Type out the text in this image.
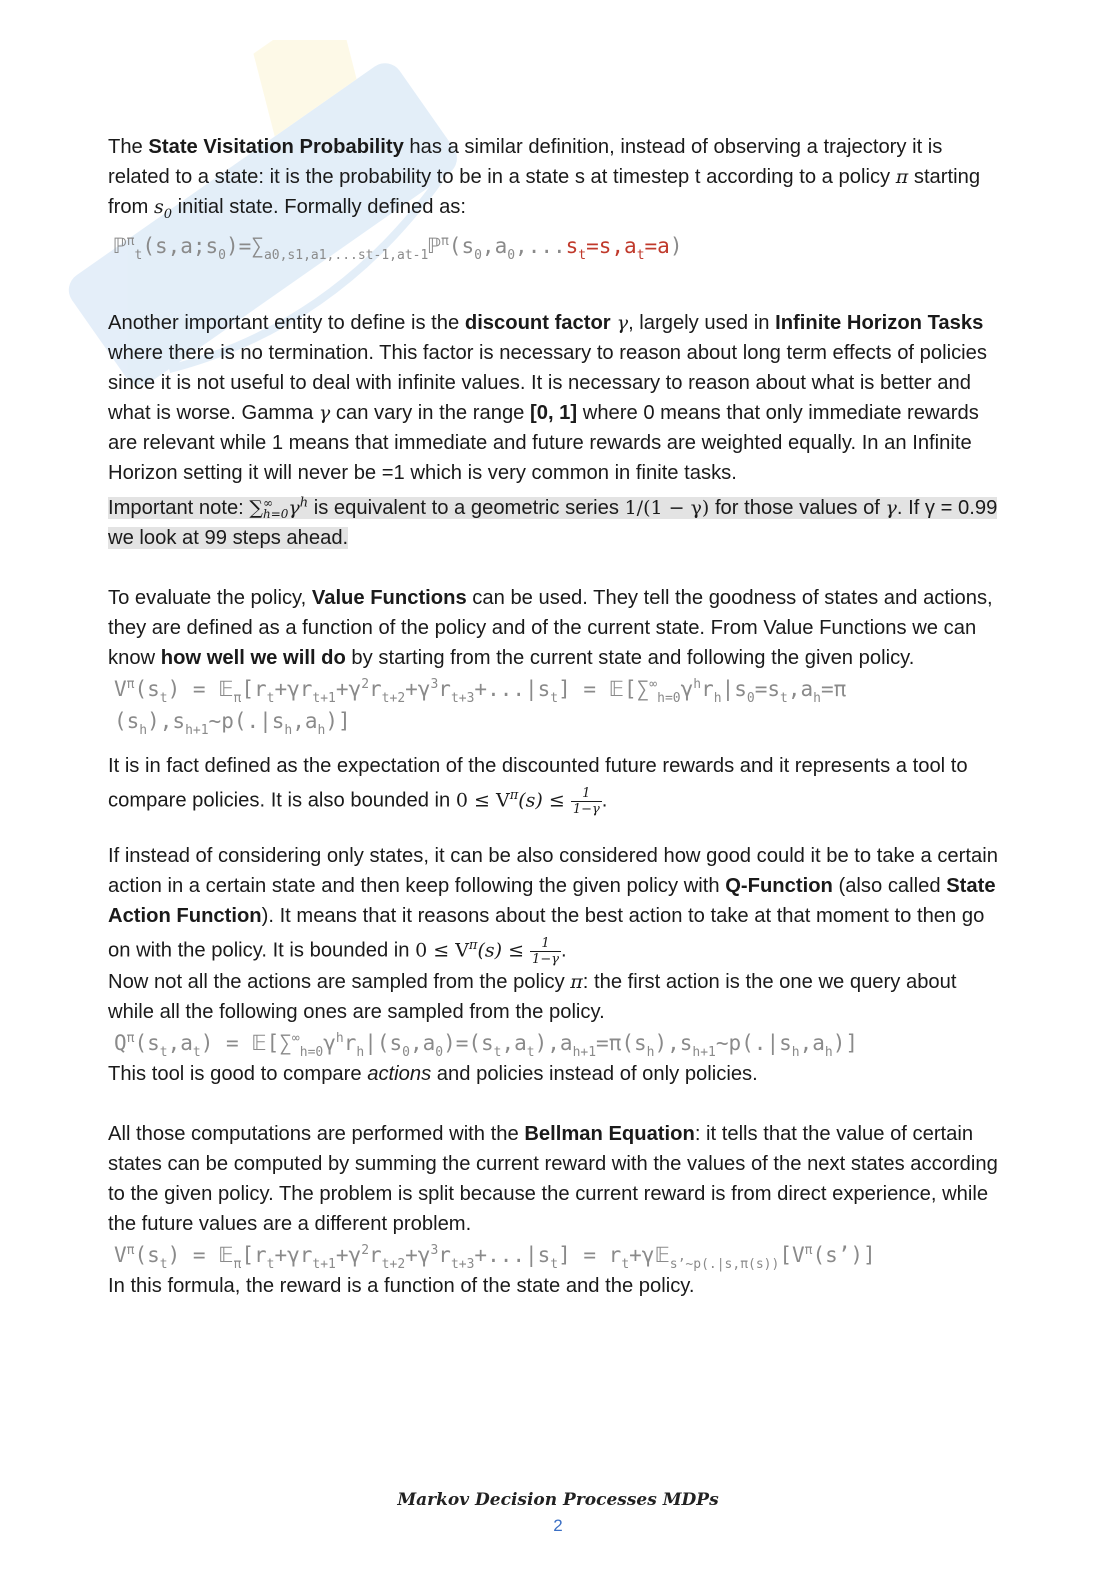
The State Visitation Probability has a similar definition, instead of observing a trajectory it is related to a state: it is the probability to be in a state s at timestep t according to a policy π starting from $s_0$ initial state. Formally defined as:

$ℙ^\pi_t(s,a;s_0)=\sum_{a0,s1,a1,...st-1,at-1}ℙ^\pi(s_0,a_0,...s_t=s,a_t=a)$

Another important entity to define is the discount factor γ, largely used in Infinite Horizon Tasks where there is no termination. This factor is necessary to reason about long term effects of policies since it is not useful to deal with infinite values. It is necessary to reason about what is better and what is worse. Gamma γ can vary in the range [0, 1] where 0 means that only immediate rewards are relevant while 1 means that immediate and future rewards are weighted equally. In an Infinite Horizon setting it will never be =1 which is very common in finite tasks.

Important note: ∑ ∞
h=0 $\gamma^h$ is equivalent to a geometric series 1/(1 − γ) for those values of γ. If γ = 0.99 we look at 99 steps ahead.

To evaluate the policy, Value Functions can be used. They tell the goodness of states and actions, they are defined as a function of the policy and of the current state. From Value Functions we can know how well we will do by starting from the current state and following the given policy.

$V^\pi(s_t)$ = $𝔼_\pi[r_t+\gamma r_{t+1}+\gamma^2r_{t+2}+\gamma^3r_{t+3}+...|s_t]$ = $𝔼[\sum^\infty_{h=0}\gamma^hr_h|s_0=s_t,a_h=\pi$ $(s_h),s_{h+1}\sim p(.|s_h,a_h)$]

It is in fact defined as the expectation of the discounted future rewards and it represents a tool to compare policies. It is also bounded in $0 \le V^\pi(s) \le \frac{1}{1-\gamma}$ .

If instead of considering only states, it can be also considered how good could it be to take a certain action in a certain state and then keep following the given policy with Q-Function (also called State Action Function). It means that it reasons about the best action to take at that moment to then go on with the policy. It is bounded in $0 \le V^\pi(s) \le \frac{1}{1-\gamma}$ .

Now not all the actions are sampled from the policy π: the first action is the one we query about while all the following ones are sampled from the policy.

$Q^\pi(s_t,a_t)$ = $𝔼[\sum^\infty_{h=0}\gamma^hr_h|(s_0,a_0)=(s_t,a_t),a_{h+1}=\pi(s_h),s_{h+1}\sim p(.|s_h,a_h)]$

This tool is good to compare actions and policies instead of only policies.

All those computations are performed with the Bellman Equation: it tells that the value of certain states can be computed by summing the current reward with the values of the next states according to the given policy. The problem is split because the current reward is from direct experience, while the future values are a different problem.

$V^\pi(s_t)$ = $𝔼_\pi[r_t+\gamma r_{t+1}+\gamma^2r_{t+2}+\gamma^3r_{t+3}+...|s_t]$ = $r_t+\gamma 𝔼_{s’\sim p(.|s,\pi(s))}[V^\pi(s’)]$

In this formula, the reward is a function of the state and the policy.

Markov Decision Processes MDPs
2
